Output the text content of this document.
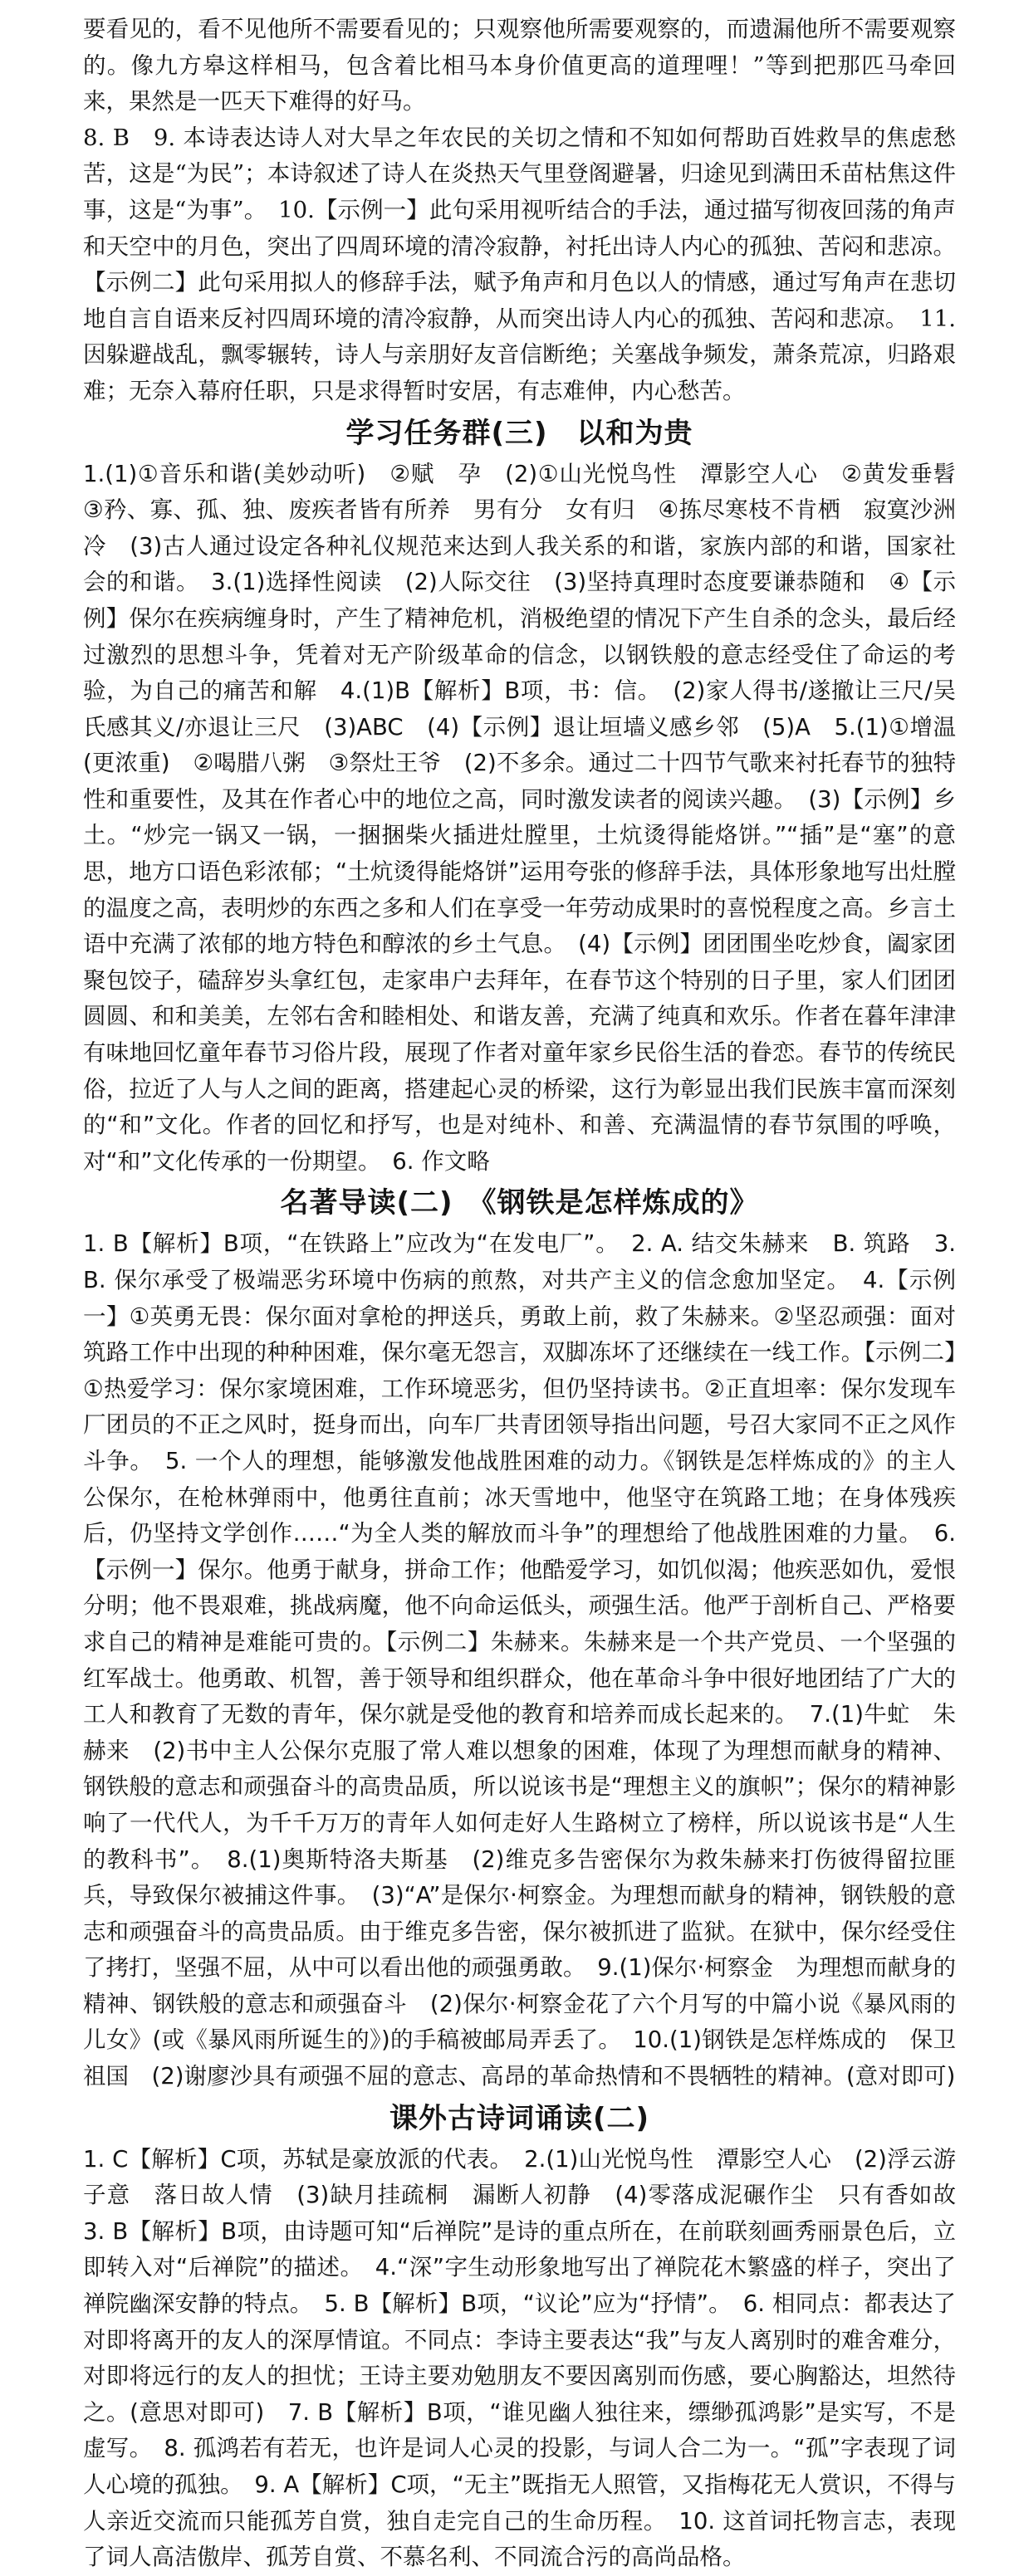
要看见的，看不见他所不需要看见的；只观察他所需要观察的，而遗漏他所不需要观察的。像九方皋这样相马，包含着比相马本身价值更高的道理哩！”等到把那匹马牵回来，果然是一匹天下难得的好马。

8. B　9. 本诗表达诗人对大旱之年农民的关切之情和不知如何帮助百姓救旱的焦虑愁苦，这是“为民”；本诗叙述了诗人在炎热天气里登阁避暑，归途见到满田禾苗枯焦这件事，这是“为事”。　10.【示例一】此句采用视听结合的手法，通过描写彻夜回荡的角声和天空中的月色，突出了四周环境的清冷寂静，衬托出诗人内心的孤独、苦闷和悲凉。【示例二】此句采用拟人的修辞手法，赋予角声和月色以人的情感，通过写角声在悲切地自言自语来反衬四周环境的清冷寂静，从而突出诗人内心的孤独、苦闷和悲凉。　11. 因躲避战乱，飘零辗转，诗人与亲朋好友音信断绝；关塞战争频发，萧条荒凉，归路艰难；无奈入幕府任职，只是求得暂时安居，有志难伸，内心愁苦。

学习任务群(三)　以和为贵

1.(1)①音乐和谐(美妙动听)　②赋　孕　(2)①山光悦鸟性　潭影空人心　②黄发垂髫　③矜、寡、孤、独、废疾者皆有所养　男有分　女有归　④拣尽寒枝不肯栖　寂寞沙洲冷　(3)古人通过设定各种礼仪规范来达到人我关系的和谐，家族内部的和谐，国家社会的和谐。　3.(1)选择性阅读　(2)人际交往　(3)坚持真理时态度要谦恭随和　④【示例】保尔在疾病缠身时，产生了精神危机，消极绝望的情况下产生自杀的念头，最后经过激烈的思想斗争，凭着对无产阶级革命的信念，以钢铁般的意志经受住了命运的考验，为自己的痛苦和解　4.(1)B【解析】B项，书：信。　(2)家人得书/遂撤让三尺/吴氏感其义/亦退让三尺　(3)ABC　(4)【示例】退让垣墙义感乡邻　(5)A　5.(1)①增温(更浓重)　②喝腊八粥　③祭灶王爷　(2)不多余。通过二十四节气歌来衬托春节的独特性和重要性，及其在作者心中的地位之高，同时激发读者的阅读兴趣。　(3)【示例】乡土。“炒完一锅又一锅，一捆捆柴火插进灶膛里，土炕烫得能烙饼。”“插”是“塞”的意思，地方口语色彩浓郁；“土炕烫得能烙饼”运用夸张的修辞手法，具体形象地写出灶膛的温度之高，表明炒的东西之多和人们在享受一年劳动成果时的喜悦程度之高。乡言土语中充满了浓郁的地方特色和醇浓的乡土气息。　(4)【示例】团团围坐吃炒食，阖家团聚包饺子，磕辞岁头拿红包，走家串户去拜年，在春节这个特别的日子里，家人们团团圆圆、和和美美，左邻右舍和睦相处、和谐友善，充满了纯真和欢乐。作者在暮年津津有味地回忆童年春节习俗片段，展现了作者对童年家乡民俗生活的眷恋。春节的传统民俗，拉近了人与人之间的距离，搭建起心灵的桥梁，这行为彰显出我们民族丰富而深刻的“和”文化。作者的回忆和抒写，也是对纯朴、和善、充满温情的春节氛围的呼唤，对“和”文化传承的一份期望。　6. 作文略

名著导读(二)　《钢铁是怎样炼成的》

1. B【解析】B项，“在铁路上”应改为“在发电厂”。　2. A. 结交朱赫来　B. 筑路　3. B. 保尔承受了极端恶劣环境中伤病的煎熬，对共产主义的信念愈加坚定。　4.【示例一】①英勇无畏：保尔面对拿枪的押送兵，勇敢上前，救了朱赫来。②坚忍顽强：面对筑路工作中出现的种种困难，保尔毫无怨言，双脚冻坏了还继续在一线工作。【示例二】①热爱学习：保尔家境困难，工作环境恶劣，但仍坚持读书。②正直坦率：保尔发现车厂团员的不正之风时，挺身而出，向车厂共青团领导指出问题，号召大家同不正之风作斗争。　5. 一个人的理想，能够激发他战胜困难的动力。《钢铁是怎样炼成的》的主人公保尔，在枪林弹雨中，他勇往直前；冰天雪地中，他坚守在筑路工地；在身体残疾后，仍坚持文学创作……“为全人类的解放而斗争”的理想给了他战胜困难的力量。　6.【示例一】保尔。他勇于献身，拼命工作；他酷爱学习，如饥似渴；他疾恶如仇，爱恨分明；他不畏艰难，挑战病魔，他不向命运低头，顽强生活。他严于剖析自己、严格要求自己的精神是难能可贵的。【示例二】朱赫来。朱赫来是一个共产党员、一个坚强的红军战士。他勇敢、机智，善于领导和组织群众，他在革命斗争中很好地团结了广大的工人和教育了无数的青年，保尔就是受他的教育和培养而成长起来的。　7.(1)牛虻　朱赫来　(2)书中主人公保尔克服了常人难以想象的困难，体现了为理想而献身的精神、钢铁般的意志和顽强奋斗的高贵品质，所以说该书是“理想主义的旗帜”；保尔的精神影响了一代代人，为千千万万的青年人如何走好人生路树立了榜样，所以说该书是“人生的教科书”。　8.(1)奥斯特洛夫斯基　(2)维克多告密保尔为救朱赫来打伤彼得留拉匪兵，导致保尔被捕这件事。　(3)“A”是保尔·柯察金。为理想而献身的精神，钢铁般的意志和顽强奋斗的高贵品质。由于维克多告密，保尔被抓进了监狱。在狱中，保尔经受住了拷打，坚强不屈，从中可以看出他的顽强勇敢。　9.(1)保尔·柯察金　为理想而献身的精神、钢铁般的意志和顽强奋斗　(2)保尔·柯察金花了六个月写的中篇小说《暴风雨的儿女》(或《暴风雨所诞生的》)的手稿被邮局弄丢了。　10.(1)钢铁是怎样炼成的　保卫祖国　(2)谢廖沙具有顽强不屈的意志、高昂的革命热情和不畏牺牲的精神。(意对即可)

课外古诗词诵读(二)

1. C【解析】C项，苏轼是豪放派的代表。　2.(1)山光悦鸟性　潭影空人心　(2)浮云游子意　落日故人情　(3)缺月挂疏桐　漏断人初静　(4)零落成泥碾作尘　只有香如故　3. B【解析】B项，由诗题可知“后禅院”是诗的重点所在，在前联刻画秀丽景色后，立即转入对“后禅院”的描述。　4.“深”字生动形象地写出了禅院花木繁盛的样子，突出了禅院幽深安静的特点。　5. B【解析】B项，“议论”应为“抒情”。　6. 相同点：都表达了对即将离开的友人的深厚情谊。不同点：李诗主要表达“我”与友人离别时的难舍难分，对即将远行的友人的担忧；王诗主要劝勉朋友不要因离别而伤感，要心胸豁达，坦然待之。(意思对即可)　7. B【解析】B项，“谁见幽人独往来，缥缈孤鸿影”是实写，不是虚写。　8. 孤鸿若有若无，也许是词人心灵的投影，与词人合二为一。“孤”字表现了词人心境的孤独。　9. A【解析】C项，“无主”既指无人照管，又指梅花无人赏识，不得与人亲近交流而只能孤芳自赏，独自走完自己的生命历程。　10. 这首词托物言志，表现了词人高洁傲岸、孤芳自赏、不慕名利、不同流合污的高尚品格。
